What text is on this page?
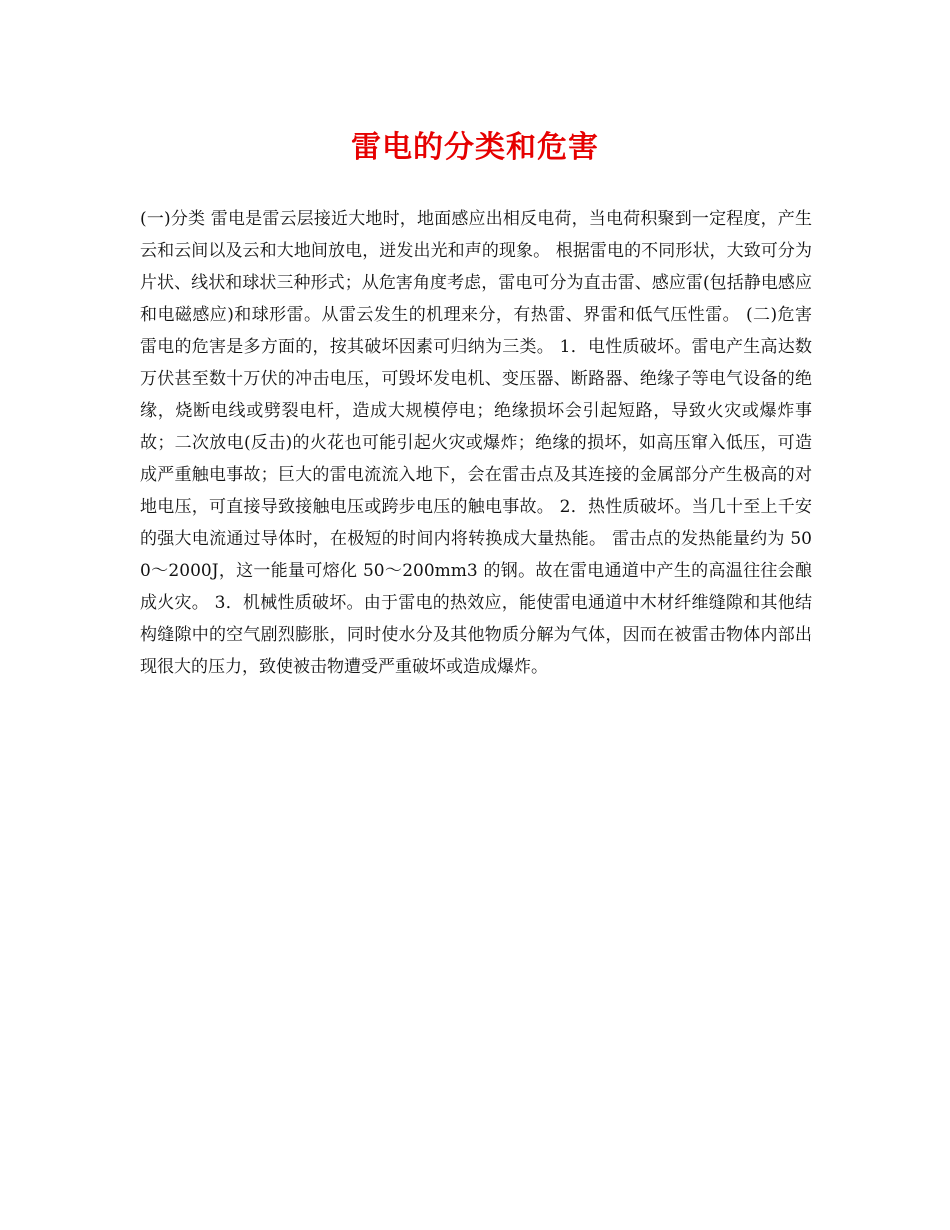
雷电的分类和危害

(一)分类 雷电是雷云层接近大地时，地面感应出相反电荷，当电荷积聚到一定程度，产生云和云间以及云和大地间放电，迸发出光和声的现象。 根据雷电的不同形状，大致可分为片状、线状和球状三种形式；从危害角度考虑，雷电可分为直击雷、感应雷(包括静电感应和电磁感应)和球形雷。从雷云发生的机理来分，有热雷、界雷和低气压性雷。 (二)危害 雷电的危害是多方面的，按其破坏因素可归纳为三类。 1．电性质破坏。雷电产生高达数万伏甚至数十万伏的冲击电压，可毁坏发电机、变压器、断路器、绝缘子等电气设备的绝缘，烧断电线或劈裂电杆，造成大规模停电；绝缘损坏会引起短路，导致火灾或爆炸事故；二次放电(反击)的火花也可能引起火灾或爆炸；绝缘的损坏，如高压窜入低压，可造成严重触电事故；巨大的雷电流流入地下，会在雷击点及其连接的金属部分产生极高的对地电压，可直接导致接触电压或跨步电压的触电事故。 2．热性质破坏。当几十至上千安的强大电流通过导体时，在极短的时间内将转换成大量热能。 雷击点的发热能量约为 500～2000J，这一能量可熔化 50～200mm3 的钢。故在雷电通道中产生的高温往往会酿成火灾。 3．机械性质破坏。由于雷电的热效应，能使雷电通道中木材纤维缝隙和其他结构缝隙中的空气剧烈膨胀，同时使水分及其他物质分解为气体，因而在被雷击物体内部出现很大的压力，致使被击物遭受严重破坏或造成爆炸。
